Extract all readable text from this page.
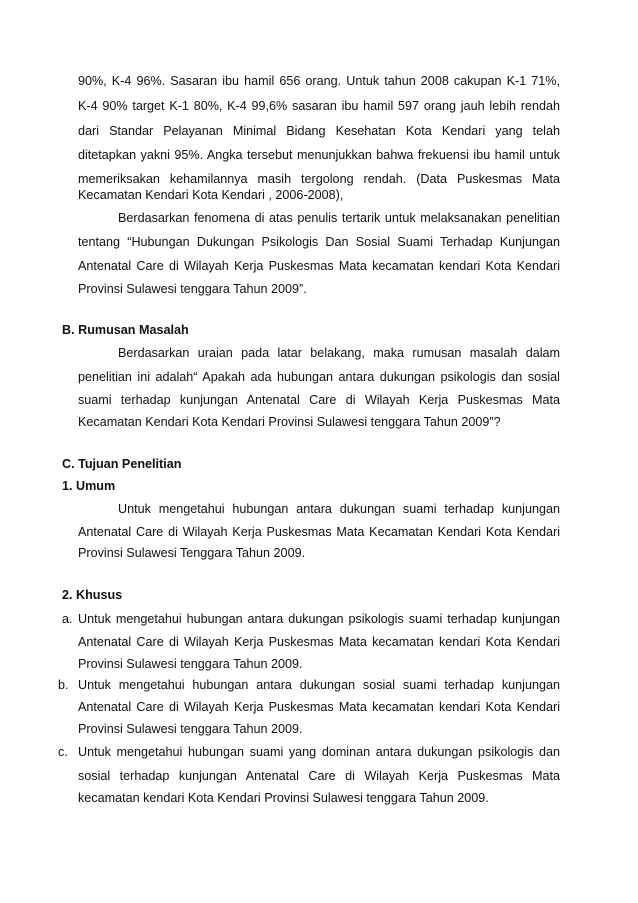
90%, K-4 96%. Sasaran ibu hamil 656 orang. Untuk tahun 2008 cakupan K-1 71%,
K-4 90% target K-1 80%, K-4 99,6% sasaran ibu hamil 597 orang jauh lebih rendah
dari Standar Pelayanan Minimal Bidang Kesehatan Kota Kendari yang telah
ditetapkan yakni 95%. Angka tersebut menunjukkan bahwa frekuensi ibu hamil untuk
memeriksakan kehamilannya masih tergolong rendah. (Data Puskesmas Mata
Kecamatan Kendari Kota Kendari , 2006-2008),
Berdasarkan fenomena di atas penulis tertarik untuk melaksanakan penelitian
tentang “Hubungan Dukungan Psikologis Dan Sosial Suami Terhadap Kunjungan
Antenatal Care di Wilayah Kerja Puskesmas Mata kecamatan kendari Kota Kendari
Provinsi Sulawesi tenggara Tahun 2009”.
B. Rumusan Masalah
Berdasarkan uraian pada latar belakang, maka rumusan masalah dalam
penelitian ini adalah“ Apakah ada hubungan antara dukungan psikologis dan sosial
suami terhadap kunjungan Antenatal Care di Wilayah Kerja Puskesmas Mata
Kecamatan Kendari Kota Kendari Provinsi Sulawesi tenggara Tahun 2009”?
C. Tujuan Penelitian
1. Umum
Untuk mengetahui hubungan antara dukungan suami terhadap kunjungan
Antenatal Care di Wilayah Kerja Puskesmas Mata Kecamatan Kendari Kota Kendari
Provinsi Sulawesi Tenggara Tahun 2009.
2. Khusus
a. Untuk mengetahui hubungan antara dukungan psikologis suami terhadap kunjungan
Antenatal Care di Wilayah Kerja Puskesmas Mata kecamatan kendari Kota Kendari
Provinsi Sulawesi tenggara Tahun 2009.
b. Untuk mengetahui hubungan antara dukungan sosial suami terhadap kunjungan
Antenatal Care di Wilayah Kerja Puskesmas Mata kecamatan kendari Kota Kendari
Provinsi Sulawesi tenggara Tahun 2009.
c. Untuk mengetahui hubungan suami yang dominan antara dukungan psikologis dan
sosial terhadap kunjungan Antenatal Care di Wilayah Kerja Puskesmas Mata
kecamatan kendari Kota Kendari Provinsi Sulawesi tenggara Tahun 2009.
